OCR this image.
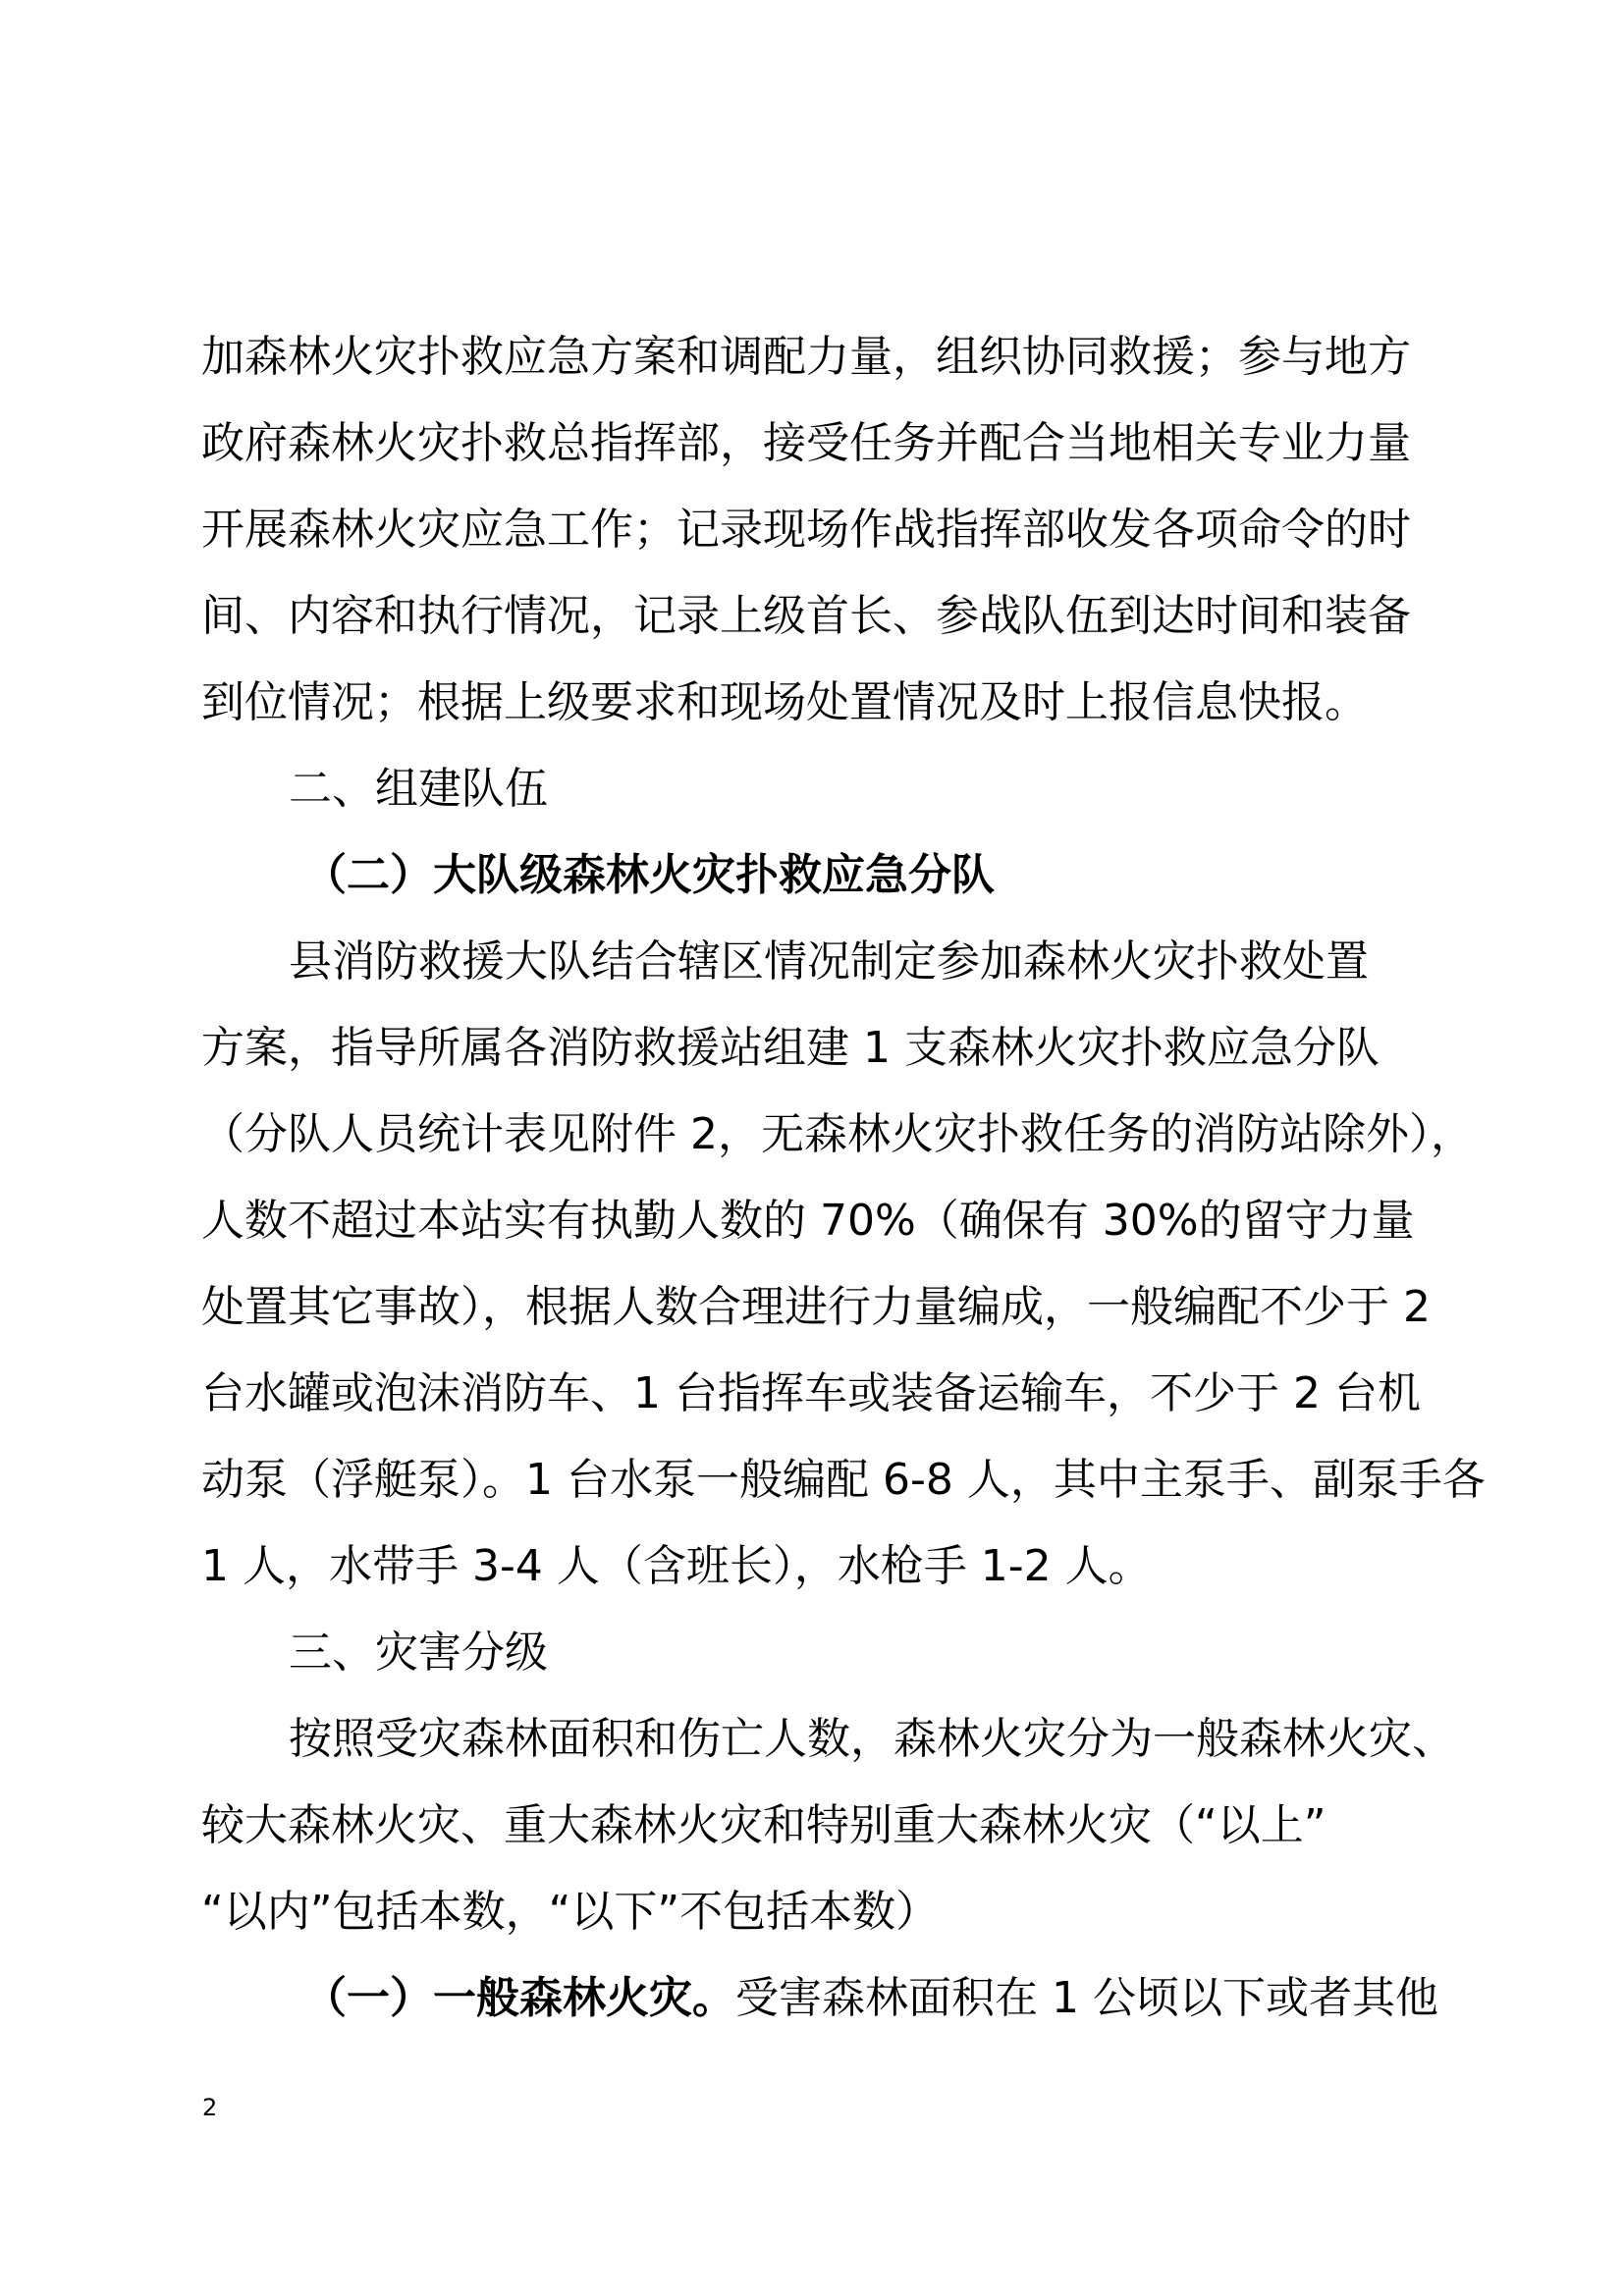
加森林火灾扑救应急方案和调配力量，组织协同救援；参与地方
政府森林火灾扑救总指挥部，接受任务并配合当地相关专业力量
开展森林火灾应急工作；记录现场作战指挥部收发各项命令的时
间、内容和执行情况，记录上级首长、参战队伍到达时间和装备
到位情况；根据上级要求和现场处置情况及时上报信息快报。
二、组建队伍
（二）大队级森林火灾扑救应急分队
县消防救援大队结合辖区情况制定参加森林火灾扑救处置
方案，指导所属各消防救援站组建 1 支森林火灾扑救应急分队
（分队人员统计表见附件 2，无森林火灾扑救任务的消防站除外），
人数不超过本站实有执勤人数的 70%（确保有 30%的留守力量
处置其它事故），根据人数合理进行力量编成，一般编配不少于 2
台水罐或泡沫消防车、1 台指挥车或装备运输车，不少于 2 台机
动泵（浮艇泵）。1 台水泵一般编配 6-8 人，其中主泵手、副泵手各
1 人，水带手 3-4 人（含班长），水枪手 1-2 人。
三、灾害分级
按照受灾森林面积和伤亡人数，森林火灾分为一般森林火灾、
较大森林火灾、重大森林火灾和特别重大森林火灾（“以上”
“以内”包括本数，“以下”不包括本数）
（一）一般森林火灾。受害森林面积在 1 公顷以下或者其他
2
